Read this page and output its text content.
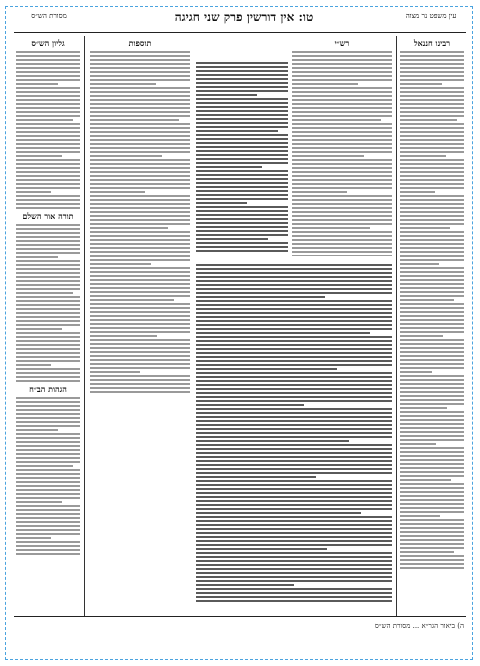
עין משפט נר מצוה
טו: אין דורשין פרק שני חגיגה
מסורת הש״ס
רבינו חננאל
גליון הש״ס
תורה אור השלם
הגהות הב״ח
רש״י
תוספות
ה) ביאור הגר״א ... מסורת הש״ס
